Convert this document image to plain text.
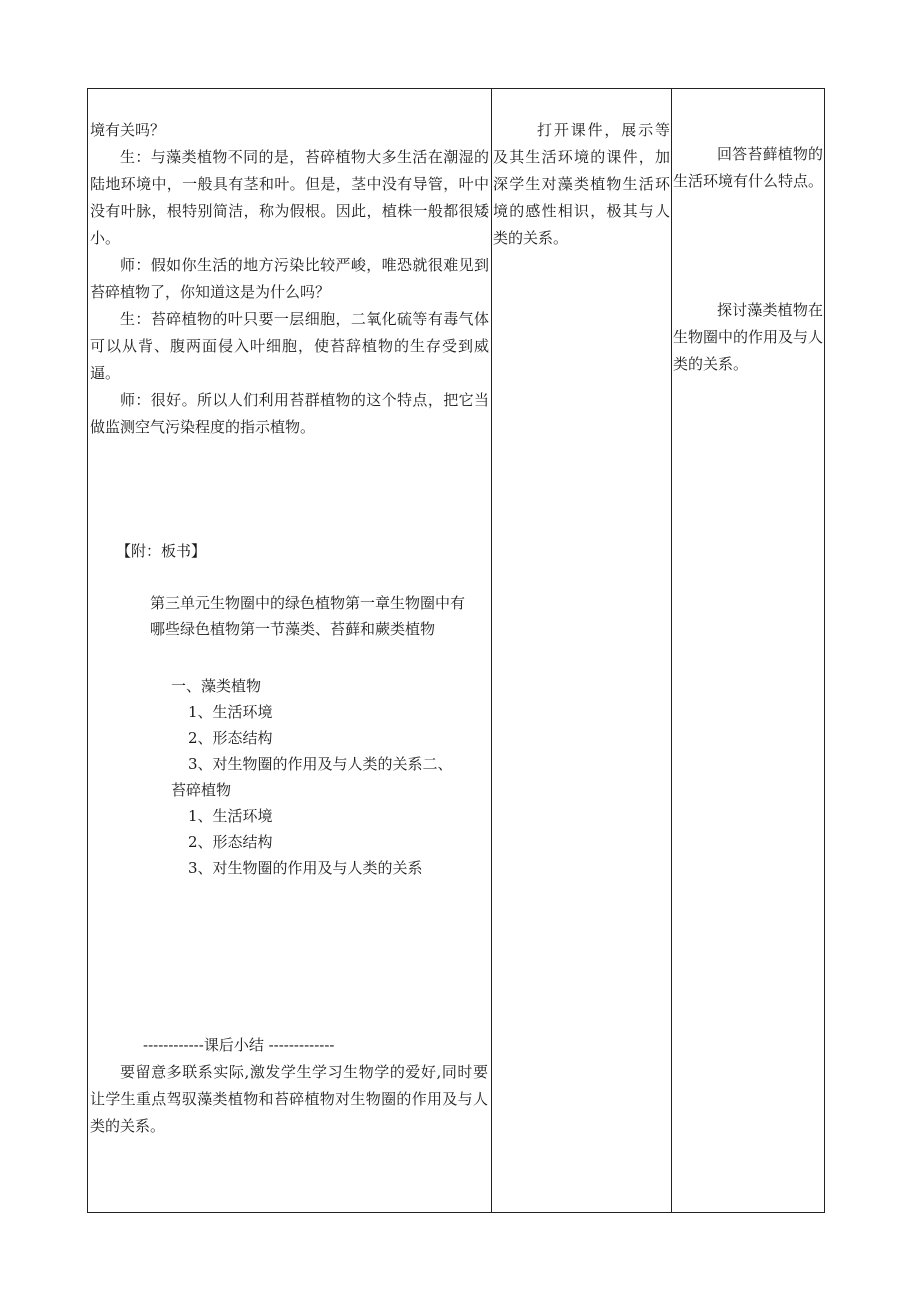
境有关吗？

生：与藻类植物不同的是，苔碎植物大多生活在潮湿的陆地环境中，一般具有茎和叶。但是，茎中没有导管，叶中没有叶脉，根特别简洁，称为假根。因此，植株一般都很矮小。

师：假如你生活的地方污染比较严峻，唯恐就很难见到苔碎植物了，你知道这是为什么吗？

生：苔碎植物的叶只要一层细胞，二氧化硫等有毒气体可以从背、腹两面侵入叶细胞，使苔辞植物的生存受到威逼。

师：很好。所以人们利用苔群植物的这个特点，把它当做监测空气污染程度的指示植物。

【附：板书】
第三单元生物圈中的绿色植物第一章生物圈中有哪些绿色植物第一节藻类、苔藓和蕨类植物
一、藻类植物
1、生活环境
2、形态结构
3、对生物圈的作用及与人类的关系二、
苔碎植物
1、生活环境
2、形态结构
3、对生物圈的作用及与人类的关系
------------课后小结 -------------
要留意多联系实际,激发学生学习生物学的爱好,同时要让学生重点驾驭藻类植物和苔碎植物对生物圈的作用及与人类的关系。
打开课件，展示等及其生活环境的课件，加深学生对藻类植物生活环境的感性相识，极其与人类的关系。
回答苔藓植物的生活环境有什么特点。
探讨藻类植物在生物圈中的作用及与人类的关系。
